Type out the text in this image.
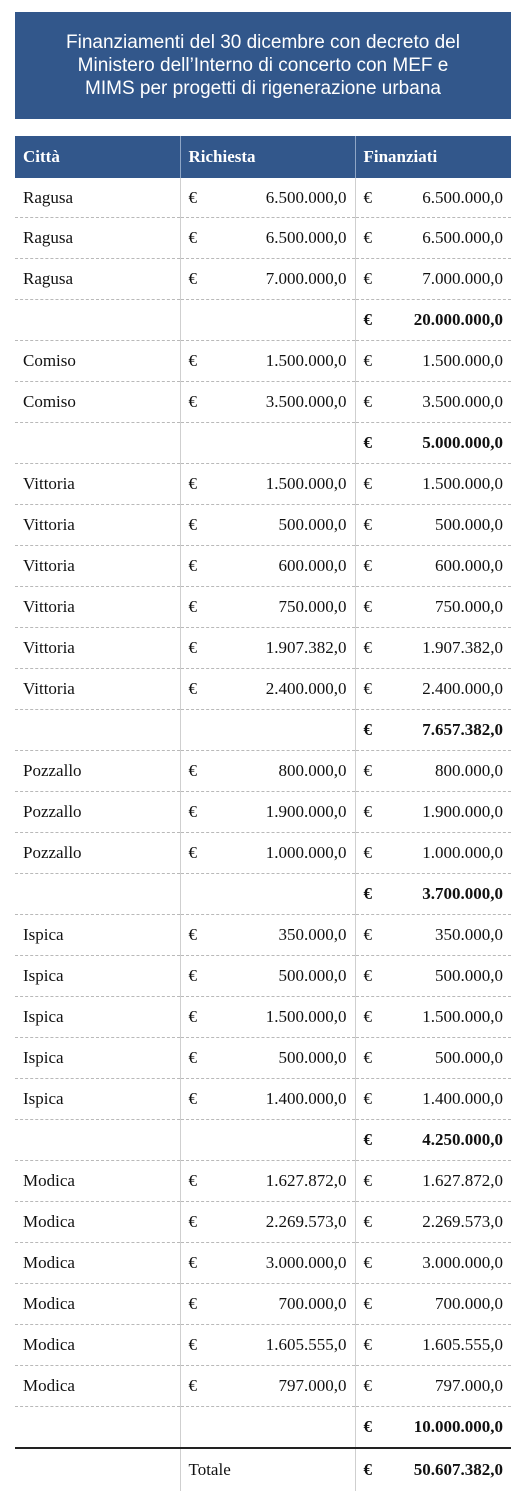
Finanziamenti del 30 dicembre con decreto del
Ministero dell’Interno di concerto con MEF e
MIMS per progetti di rigenerazione urbana
Città	Richiesta	Finanziati
Ragusa	€ 6.500.000,0	€ 6.500.000,0

Ragusa	€ 6.500.000,0	€ 6.500.000,0

Ragusa	€ 7.000.000,0	€ 7.000.000,0

		€ 20.000.000,0

Comiso	€ 1.500.000,0	€ 1.500.000,0

Comiso	€ 3.500.000,0	€ 3.500.000,0

		€ 5.000.000,0

Vittoria	€ 1.500.000,0	€ 1.500.000,0

Vittoria	€ 500.000,0	€ 500.000,0

Vittoria	€ 600.000,0	€ 600.000,0

Vittoria	€ 750.000,0	€ 750.000,0

Vittoria	€ 1.907.382,0	€ 1.907.382,0

Vittoria	€ 2.400.000,0	€ 2.400.000,0

		€ 7.657.382,0

Pozzallo	€ 800.000,0	€ 800.000,0

Pozzallo	€ 1.900.000,0	€ 1.900.000,0

Pozzallo	€ 1.000.000,0	€ 1.000.000,0

		€ 3.700.000,0

Ispica	€ 350.000,0	€ 350.000,0

Ispica	€ 500.000,0	€ 500.000,0

Ispica	€ 1.500.000,0	€ 1.500.000,0

Ispica	€ 500.000,0	€ 500.000,0

Ispica	€ 1.400.000,0	€ 1.400.000,0

		€ 4.250.000,0

Modica	€ 1.627.872,0	€ 1.627.872,0

Modica	€ 2.269.573,0	€ 2.269.573,0

Modica	€ 3.000.000,0	€ 3.000.000,0

Modica	€ 700.000,0	€ 700.000,0

Modica	€ 1.605.555,0	€ 1.605.555,0

Modica	€ 797.000,0	€ 797.000,0

		€ 10.000.000,0

	Totale	€ 50.607.382,0
